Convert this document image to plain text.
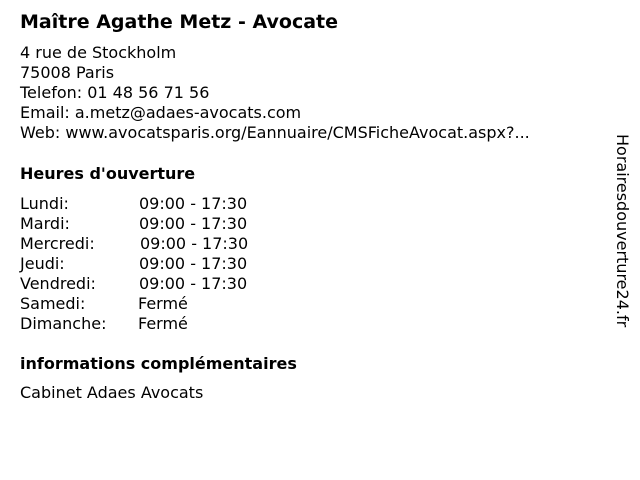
Maître Agathe Metz - Avocate
4 rue de Stockholm
75008 Paris
Telefon: 01 48 56 71 56
Email: a.metz@adaes-avocats.com
Web: www.avocatsparis.org/Eannuaire/CMSFicheAvocat.aspx?...
Heures d'ouverture
Lundi:	09:00 - 17:30
Mardi:	09:00 - 17:30
Mercredi:	09:00 - 17:30
Jeudi:	09:00 - 17:30
Vendredi:	09:00 - 17:30
Samedi:	Fermé
Dimanche: Fermé
informations complémentaires
Cabinet Adaes Avocats
Horairesdouverture24.fr
